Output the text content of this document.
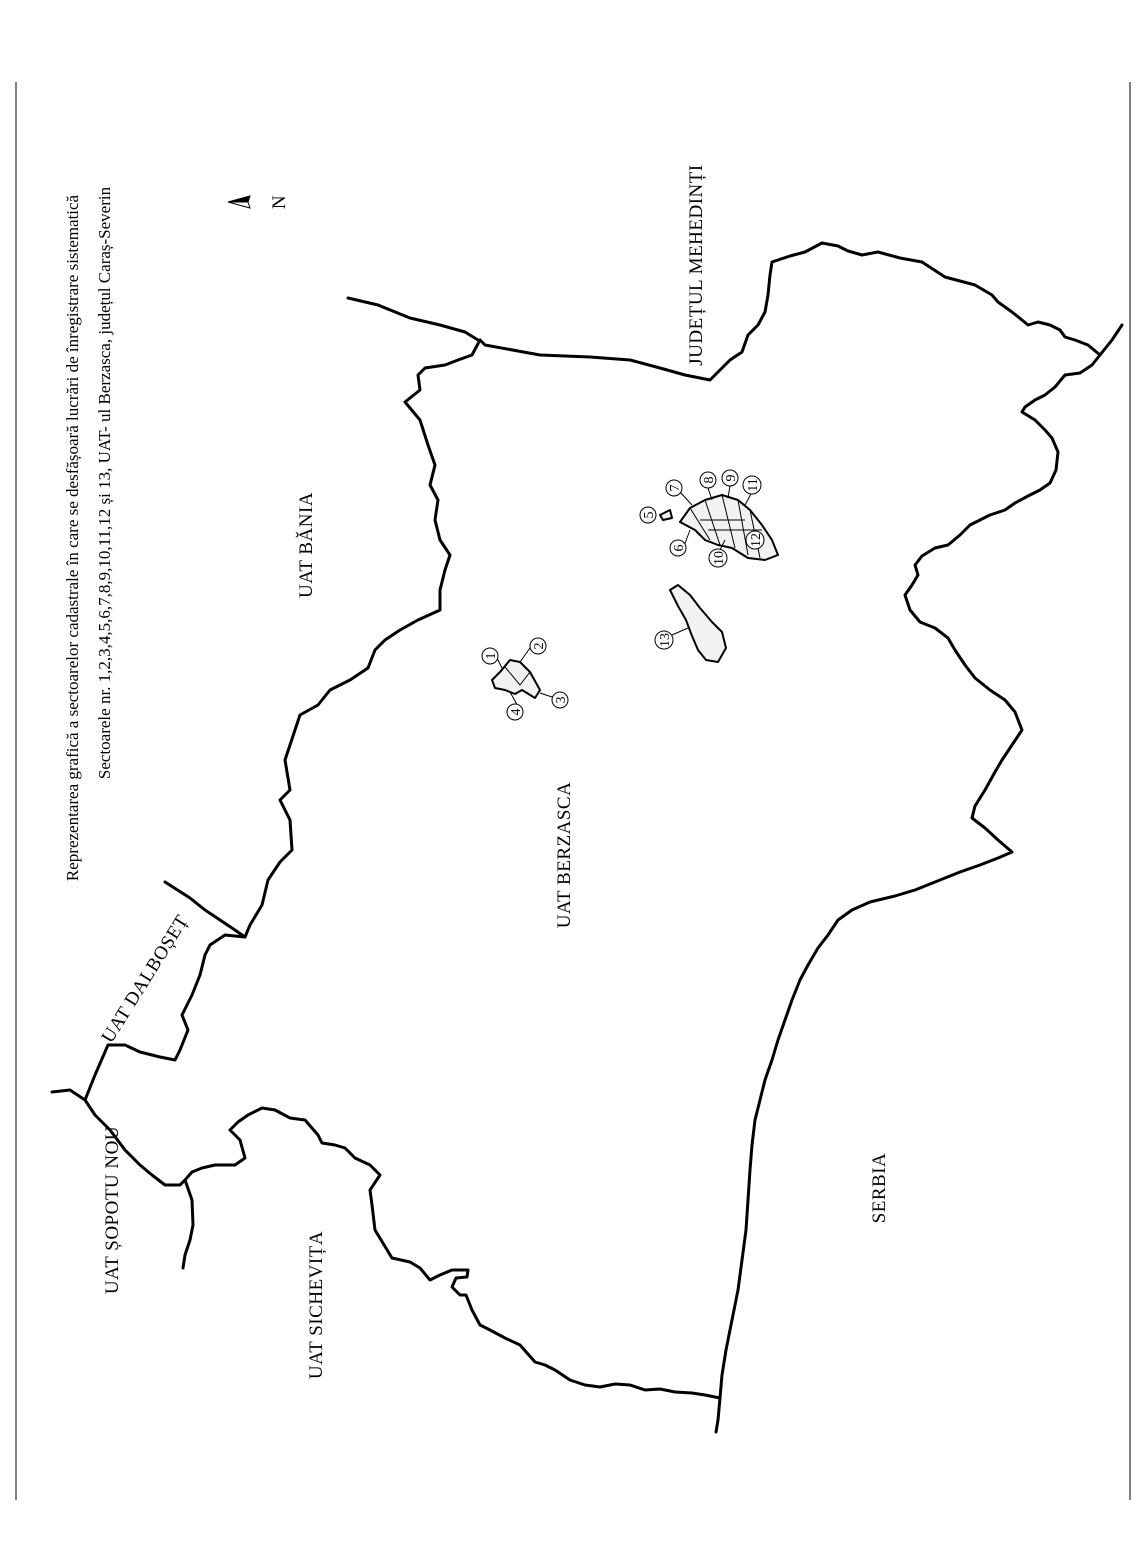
N
Reprezentarea grafică a sectoarelor cadastrale în care se desfășoară lucrări de înregistrare sistematică Sectoarele nr. 1,2,3,4,5,6,7,8,9,10,11,12 și 13, UAT- ul Berzasca, județul Caraș-Severin	UAT BĂNIA
JUDEȚUL MEHEDINȚI
UAT BERZASCA
UAT DALBOȘEȚ
UAT ȘOPOTU NOU
UAT SICHEVIȚA
SERBIA
1
2
3
4
5
6
7
8 9
10
11
12
13
